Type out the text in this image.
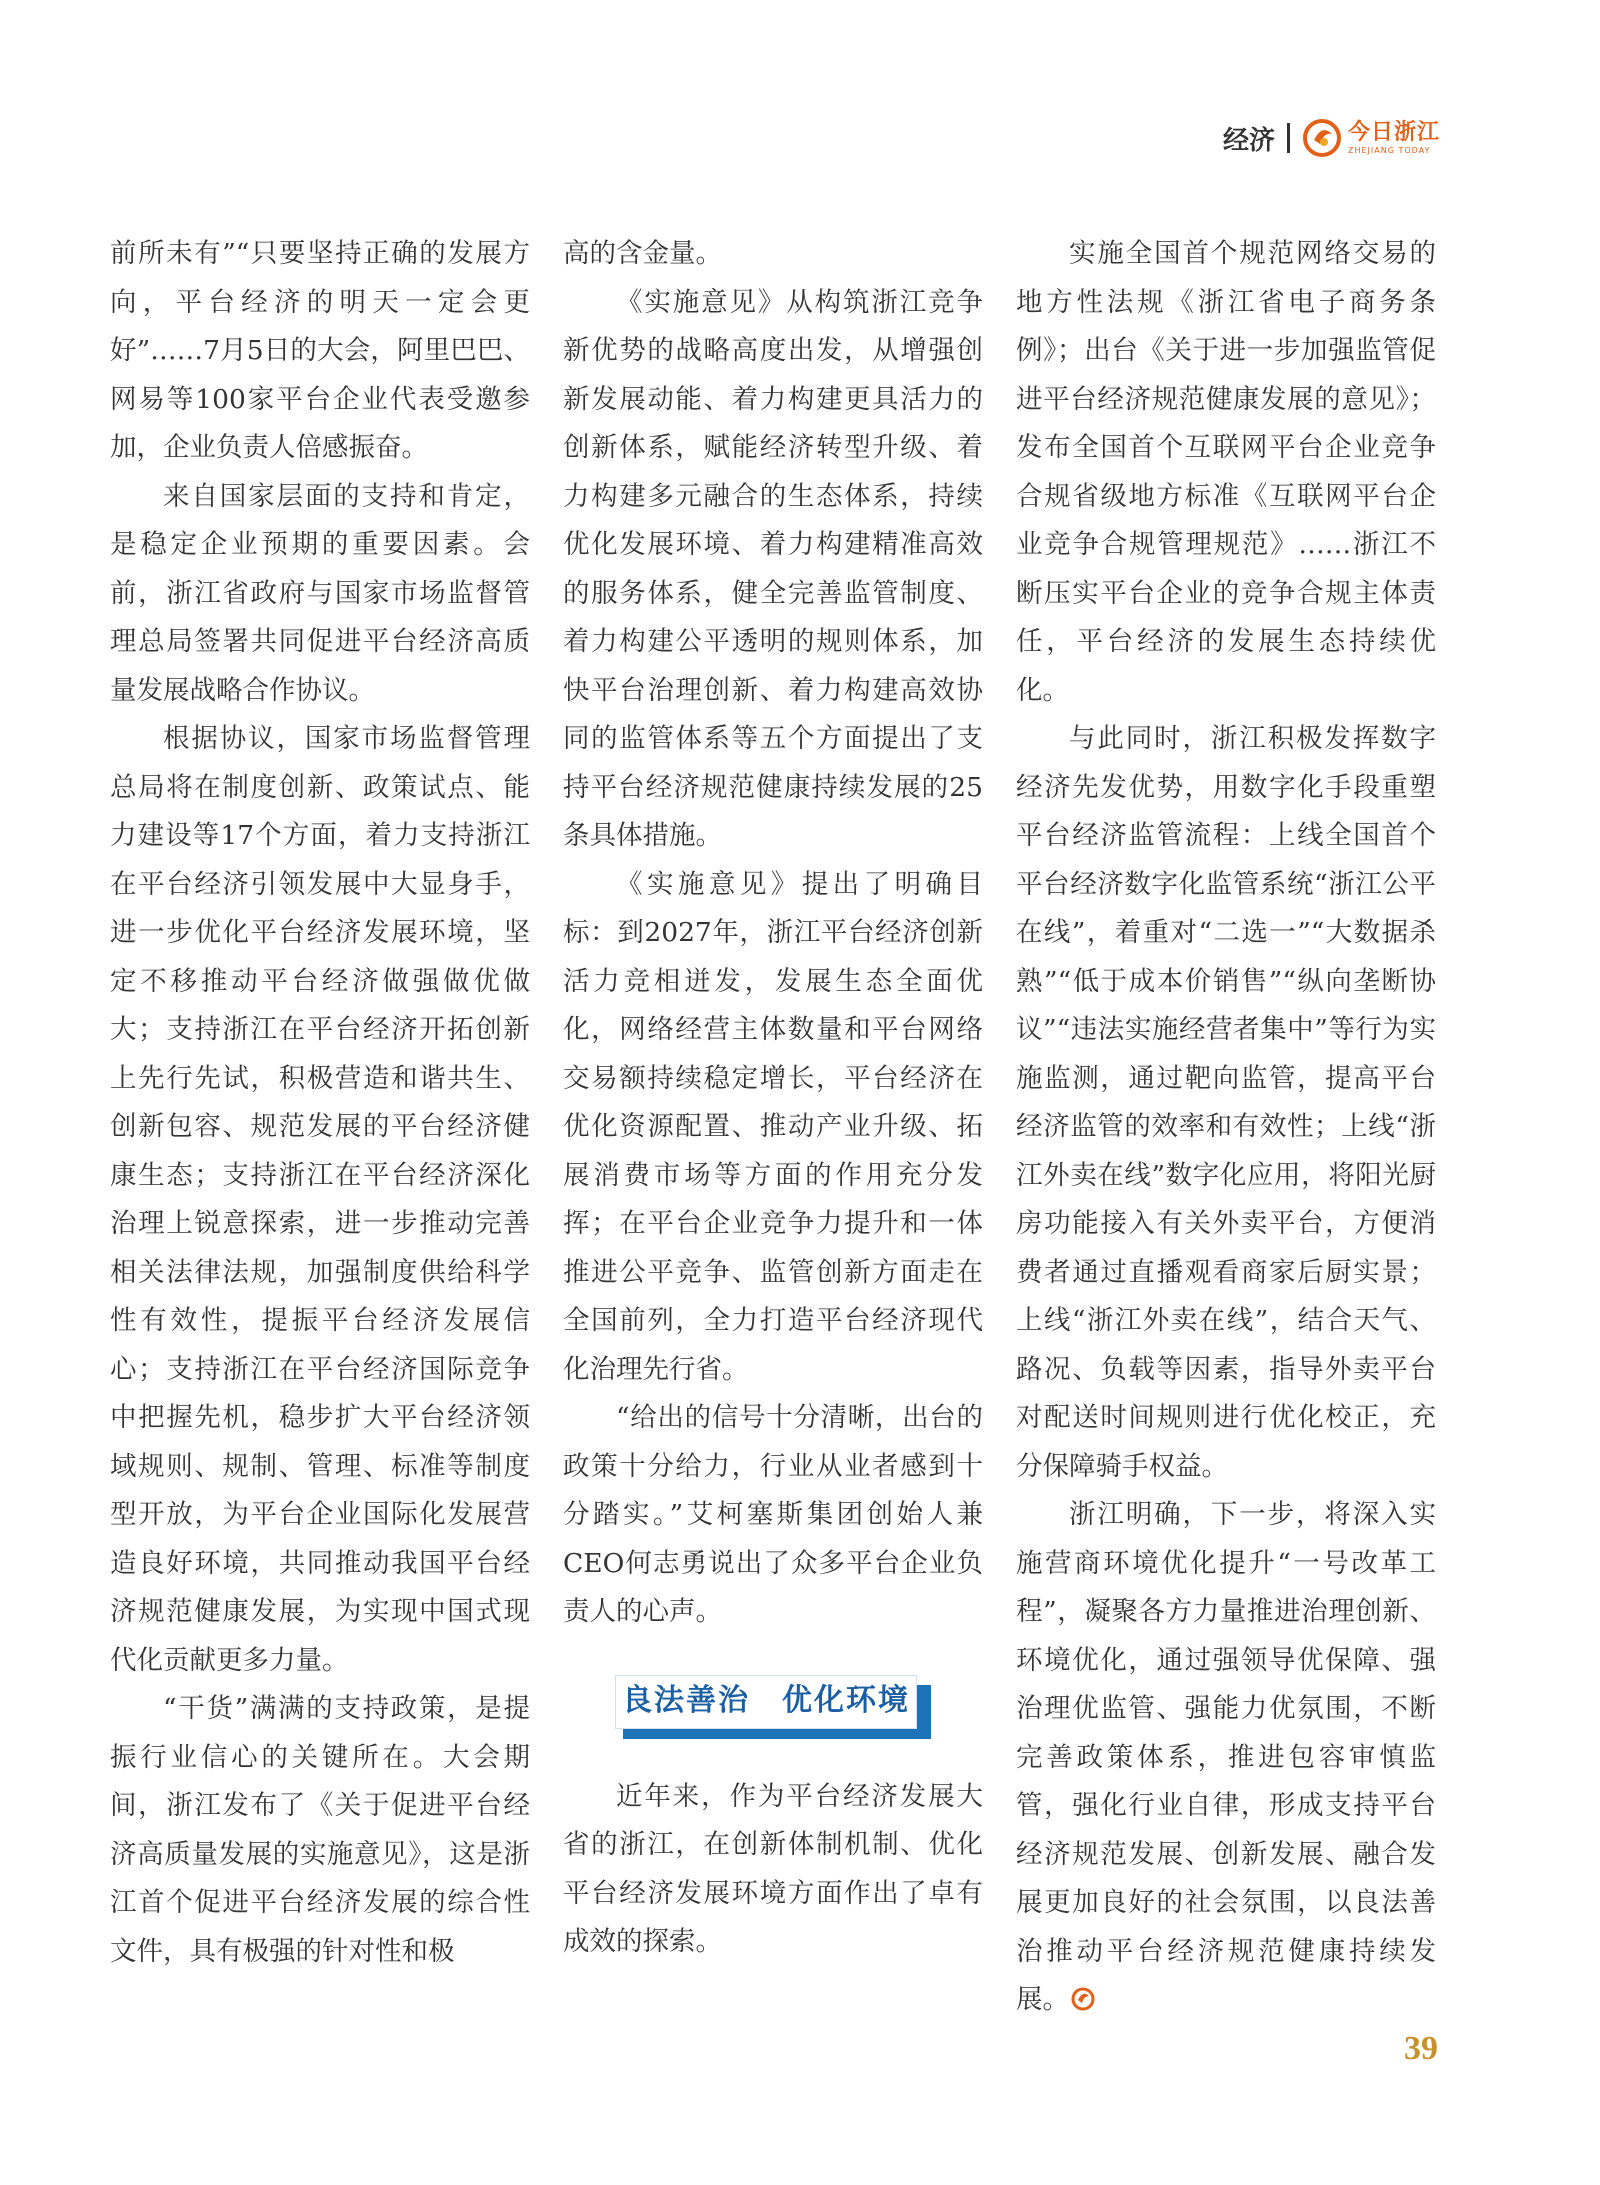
经济	今日浙江
ZHEJIANG TODAY

前所未有”“只要坚持正确的发展方向，平台经济的明天一定会更好”……7月5日的大会，阿里巴巴、网易等100家平台企业代表受邀参加，企业负责人倍感振奋。

来自国家层面的支持和肯定，是稳定企业预期的重要因素。会前，浙江省政府与国家市场监督管理总局签署共同促进平台经济高质量发展战略合作协议。

根据协议，国家市场监督管理总局将在制度创新、政策试点、能力建设等17个方面，着力支持浙江在平台经济引领发展中大显身手，进一步优化平台经济发展环境，坚定不移推动平台经济做强做优做大；支持浙江在平台经济开拓创新上先行先试，积极营造和谐共生、创新包容、规范发展的平台经济健康生态；支持浙江在平台经济深化治理上锐意探索，进一步推动完善相关法律法规，加强制度供给科学性有效性，提振平台经济发展信心；支持浙江在平台经济国际竞争中把握先机，稳步扩大平台经济领域规则、规制、管理、标准等制度型开放，为平台企业国际化发展营造良好环境，共同推动我国平台经济规范健康发展，为实现中国式现代化贡献更多力量。

“干货”满满的支持政策，是提振行业信心的关键所在。大会期间，浙江发布了《关于促进平台经济高质量发展的实施意见》，这是浙江首个促进平台经济发展的综合性文件，具有极强的针对性和极

高的含金量。

《实施意见》从构筑浙江竞争新优势的战略高度出发，从增强创新发展动能、着力构建更具活力的创新体系，赋能经济转型升级、着力构建多元融合的生态体系，持续优化发展环境、着力构建精准高效的服务体系，健全完善监管制度、着力构建公平透明的规则体系，加快平台治理创新、着力构建高效协同的监管体系等五个方面提出了支持平台经济规范健康持续发展的25条具体措施。

《实施意见》提出了明确目标：到2027年，浙江平台经济创新活力竞相迸发，发展生态全面优化，网络经营主体数量和平台网络交易额持续稳定增长，平台经济在优化资源配置、推动产业升级、拓展消费市场等方面的作用充分发挥；在平台企业竞争力提升和一体推进公平竞争、监管创新方面走在全国前列，全力打造平台经济现代化治理先行省。

“给出的信号十分清晰，出台的政策十分给力，行业从业者感到十分踏实。”艾柯塞斯集团创始人兼CEO何志勇说出了众多平台企业负责人的心声。

良法善治　优化环境

近年来，作为平台经济发展大省的浙江，在创新体制机制、优化平台经济发展环境方面作出了卓有成效的探索。

实施全国首个规范网络交易的地方性法规《浙江省电子商务条例》；出台《关于进一步加强监管促进平台经济规范健康发展的意见》；发布全国首个互联网平台企业竞争合规省级地方标准《互联网平台企业竞争合规管理规范》……浙江不断压实平台企业的竞争合规主体责任，平台经济的发展生态持续优化。

与此同时，浙江积极发挥数字经济先发优势，用数字化手段重塑平台经济监管流程：上线全国首个平台经济数字化监管系统“浙江公平在线”，着重对“二选一”“大数据杀熟”“低于成本价销售”“纵向垄断协议”“违法实施经营者集中”等行为实施监测，通过靶向监管，提高平台经济监管的效率和有效性；上线“浙江外卖在线”数字化应用，将阳光厨房功能接入有关外卖平台，方便消费者通过直播观看商家后厨实景；上线“浙江外卖在线”，结合天气、路况、负载等因素，指导外卖平台对配送时间规则进行优化校正，充分保障骑手权益。

浙江明确，下一步，将深入实施营商环境优化提升“一号改革工程”，凝聚各方力量推进治理创新、环境优化，通过强领导优保障、强治理优监管、强能力优氛围，不断完善政策体系，推进包容审慎监管，强化行业自律，形成支持平台经济规范发展、创新发展、融合发展更加良好的社会氛围，以良法善治推动平台经济规范健康持续发展。

39
